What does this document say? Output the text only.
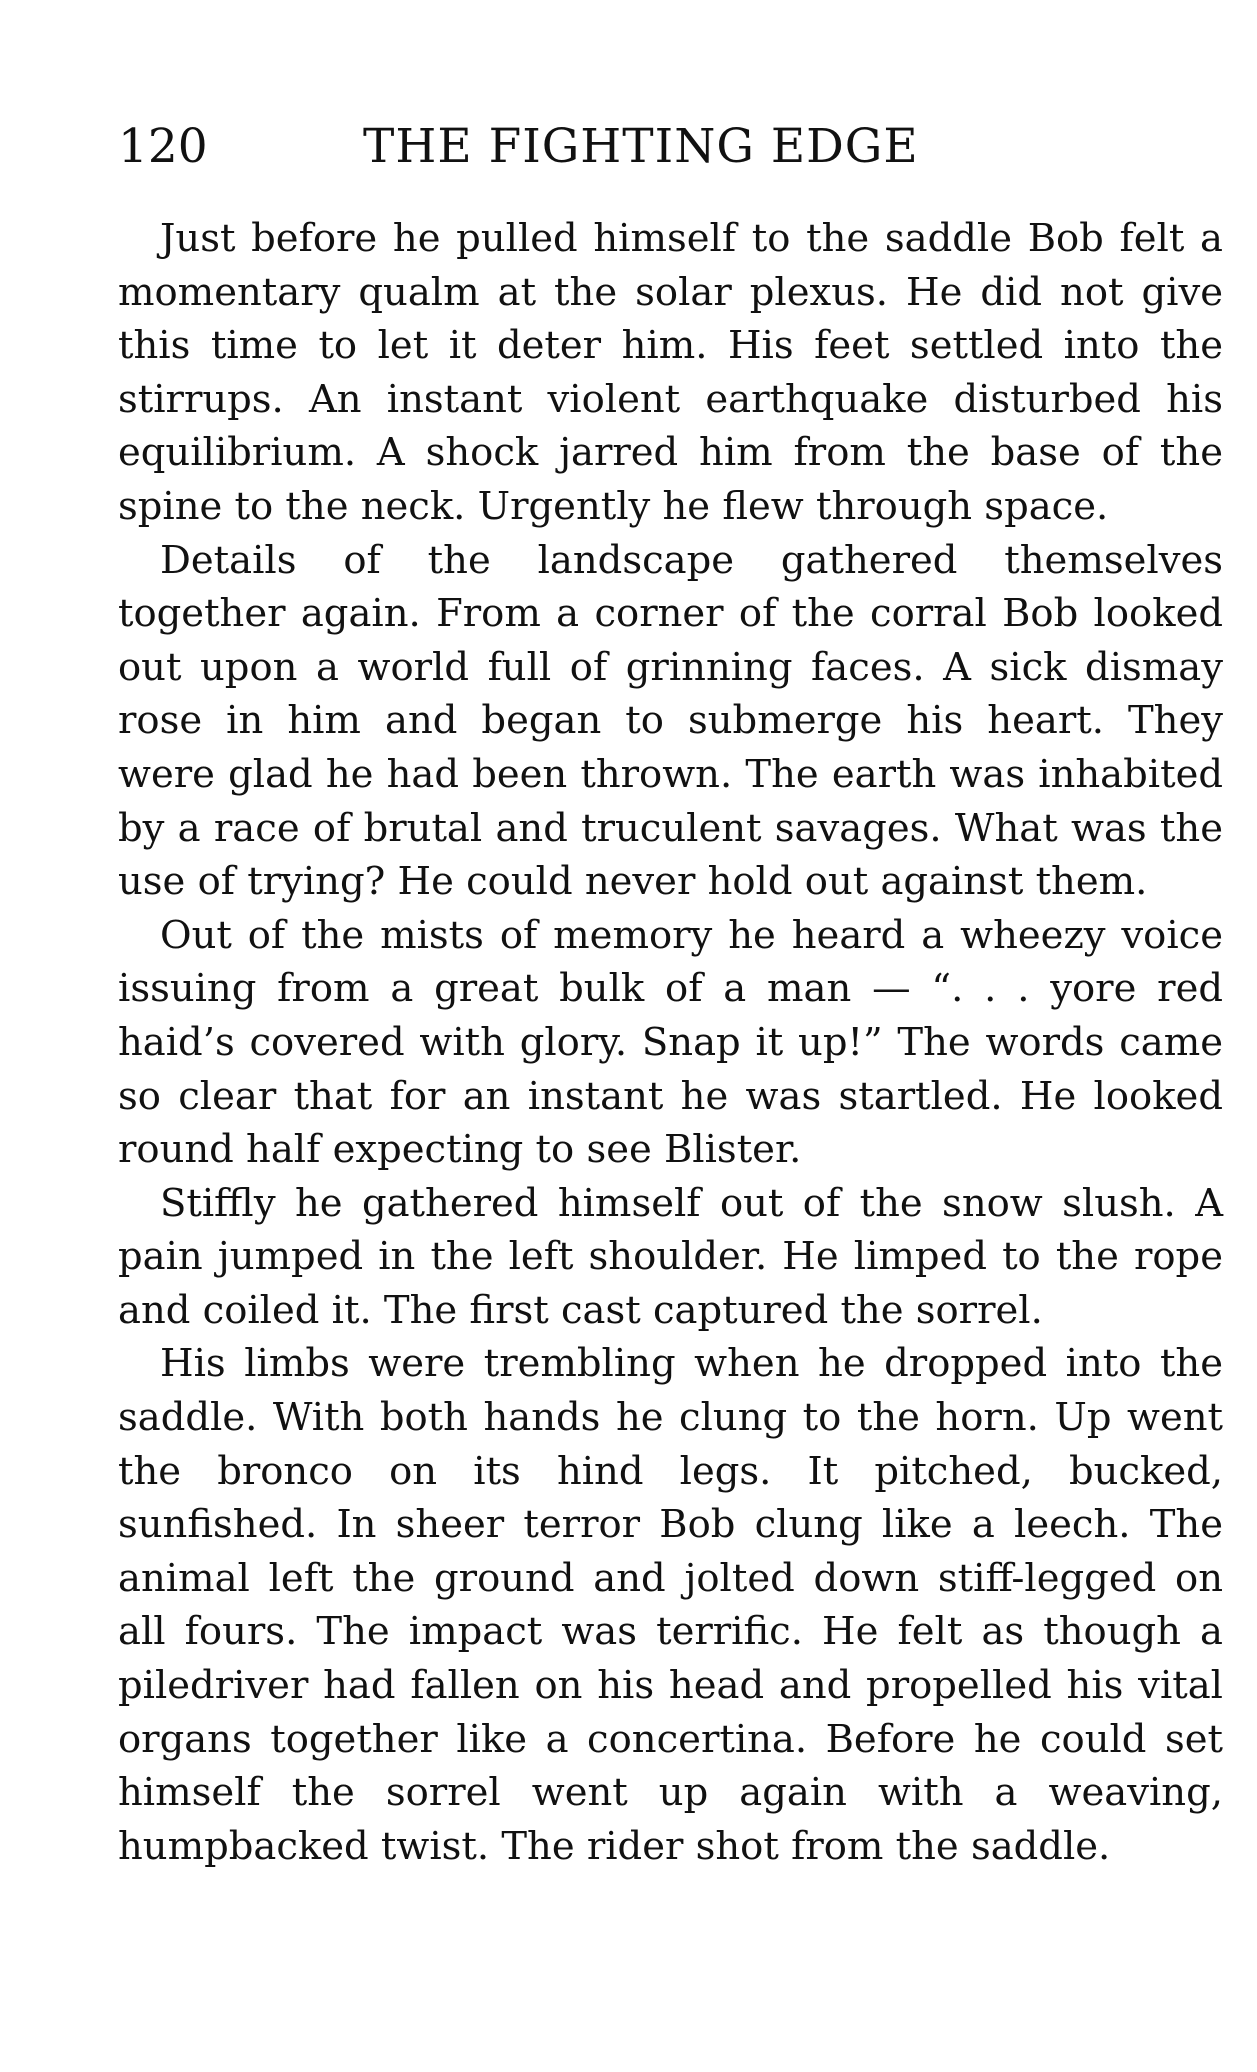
120	THE FIGHTING EDGE

Just before he pulled himself to the saddle Bob felt a momentary qualm at the solar plexus. He did not give this time to let it deter him. His feet settled into the stirrups. An instant violent earthquake disturbed his equilibrium. A shock jarred him from the base of the spine to the neck. Urgently he flew through space.

Details of the landscape gathered themselves together again. From a corner of the corral Bob looked out upon a world full of grinning faces. A sick dismay rose in him and began to submerge his heart. They were glad he had been thrown. The earth was inhabited by a race of brutal and truculent savages. What was the use of trying? He could never hold out against them.

Out of the mists of memory he heard a wheezy voice issuing from a great bulk of a man — “. . . yore red haid’s covered with glory. Snap it up!” The words came so clear that for an instant he was startled. He looked round half expecting to see Blister.

Stiffly he gathered himself out of the snow slush. A pain jumped in the left shoulder. He limped to the rope and coiled it. The first cast captured the sorrel.

His limbs were trembling when he dropped into the saddle. With both hands he clung to the horn. Up went the bronco on its hind legs. It pitched, bucked, sunfished. In sheer terror Bob clung like a leech. The animal left the ground and jolted down stiff-legged on all fours. The impact was terrific. He felt as though a piledriver had fallen on his head and propelled his vital organs together like a concertina. Before he could set himself the sorrel went up again with a weaving, humpbacked twist. The rider shot from the saddle.
